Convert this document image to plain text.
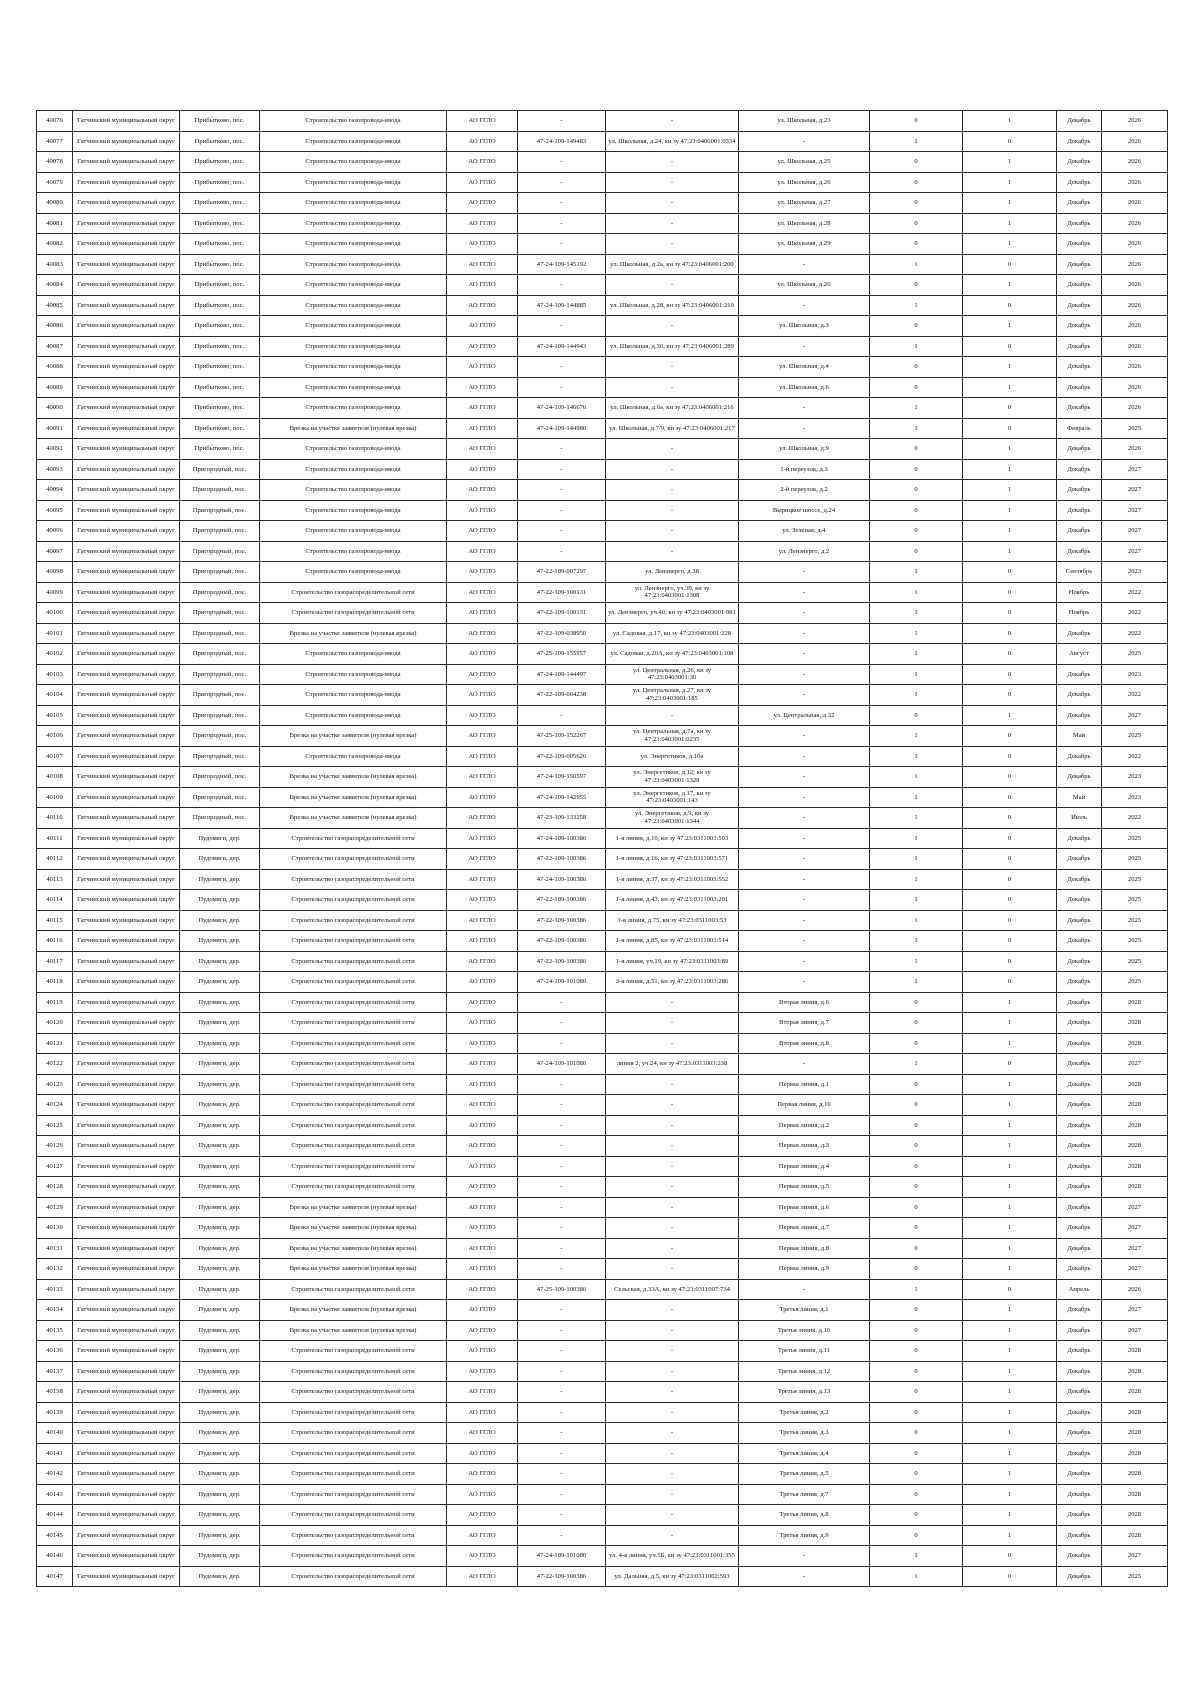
40076	Гатчинский муниципальный округ	Прибытково, пос.	Строительство газопровода-ввода	АО ГГЛО	-	-	ул. Школьная, д.23	0	1	Декабрь	2026
40077	Гатчинский муниципальный округ	Прибытково, пос.	Строительство газопровода-ввода	АО ГГЛО	47-24-109-149483	ул. Школьная, д.24, кн зу 47:23:0406001:0334	-	1	0	Декабрь	2026
40078	Гатчинский муниципальный округ	Прибытково, пос.	Строительство газопровода-ввода	АО ГГЛО	-	-	ул. Школьная, д.25	0	1	Декабрь	2026
40079	Гатчинский муниципальный округ	Прибытково, пос.	Строительство газопровода-ввода	АО ГГЛО	-	-	ул. Школьная, д.26	0	1	Декабрь	2026
40080	Гатчинский муниципальный округ	Прибытково, пос.	Строительство газопровода-ввода	АО ГГЛО	-	-	ул. Школьная, д.27	0	1	Декабрь	2026
40081	Гатчинский муниципальный округ	Прибытково, пос.	Строительство газопровода-ввода	АО ГГЛО	-	-	ул. Школьная, д.28	0	1	Декабрь	2026
40082	Гатчинский муниципальный округ	Прибытково, пос.	Строительство газопровода-ввода	АО ГГЛО	-	-	ул. Школьная, д.29	0	1	Декабрь	2026
40083	Гатчинский муниципальный округ	Прибытково, пос.	Строительство газопровода-ввода	АО ГГЛО	47-24-109-145192	ул. Школьная, д.2а, кн зу 47:23:0406001:200	-	1	0	Декабрь	2026
40084	Гатчинский муниципальный округ	Прибытково, пос.	Строительство газопровода-ввода	АО ГГЛО	-	-	ул. Школьная, д.26	0	1	Декабрь	2026
40085	Гатчинский муниципальный округ	Прибытково, пос.	Строительство газопровода-ввода	АО ГГЛО	47-24-109-144885	ул. Школьная, д.28, кн зу 47:23:0406001:210	-	1	0	Декабрь	2026
40086	Гатчинский муниципальный округ	Прибытково, пос.	Строительство газопровода-ввода	АО ГГЛО	-	-	ул. Школьная, д.3	0	1	Декабрь	2026
40087	Гатчинский муниципальный округ	Прибытково, пос.	Строительство газопровода-ввода	АО ГГЛО	47-24-109-144943	ул. Школьная, д.30, кн зу 47:23:0406001:289	-	1	0	Декабрь	2026
40088	Гатчинский муниципальный округ	Прибытково, пос.	Строительство газопровода-ввода	АО ГГЛО	-	-	ул. Школьная, д.4	0	1	Декабрь	2026
40089	Гатчинский муниципальный округ	Прибытково, пос.	Строительство газопровода-ввода	АО ГГЛО	-	-	ул. Школьная, д.6	0	1	Декабрь	2026
40090	Гатчинский муниципальный округ	Прибытково, пос.	Строительство газопровода-ввода	АО ГГЛО	47-24-109-146676	ул. Школьная, д.6а, кн зу 47:23:0406001:216	-	1	0	Декабрь	2026
40091	Гатчинский муниципальный округ	Прибытково, пос.	Врезка на участке заявителя (нулевая врезка)	АО ГГЛО	47-24-109-144980	ул. Школьная, д.7/9, кн зу 47:23:0406001:217	-	1	0	Февраль	2025
40092	Гатчинский муниципальный округ	Прибытково, пос.	Строительство газопровода-ввода	АО ГГЛО	-	-	ул. Школьная, д.9	0	1	Декабрь	2026
40093	Гатчинский муниципальный округ	Пригородный, пос.	Строительство газопровода-ввода	АО ГГЛО	-	-	1-й переулок, д.3	0	1	Декабрь	2027
40094	Гатчинский муниципальный округ	Пригородный, пос.	Строительство газопровода-ввода	АО ГГЛО	-	-	2-й переулок, д.2	0	1	Декабрь	2027
40095	Гатчинский муниципальный округ	Пригородный, пос.	Строительство газопровода-ввода	АО ГГЛО	-	-	Вырицкое шоссе, д.24	0	1	Декабрь	2027
40096	Гатчинский муниципальный округ	Пригородный, пос.	Строительство газопровода-ввода	АО ГГЛО	-	-	ул. Зеленая, д.4	0	1	Декабрь	2027
40097	Гатчинский муниципальный округ	Пригородный, пос.	Строительство газопровода-ввода	АО ГГЛО	-	-	ул. Ленэнерго, д.2	0	1	Декабрь	2027
40098	Гатчинский муниципальный округ	Пригородный, пос.	Строительство газопровода-ввода	АО ГГЛО	47-22-109-007297	ул. Ленэнерго, д.38	-	1	0	Сентябрь	2023
40099	Гатчинский муниципальный округ	Пригородный, пос.	Строительство газораспределительной сети	АО ГГЛО	47-22-109-100131	ул. Ленэнерго, уч.39, кн зу 47:23:0403001:1308	-	1	0	Ноябрь	2022
40100	Гатчинский муниципальный округ	Пригородный, пос.	Строительство газораспределительной сети	АО ГГЛО	47-22-109-100131	ул. Ленэнерго, уч.40, кн зу 47:23:0403001:981	-	1	0	Ноябрь	2022
40101	Гатчинский муниципальный округ	Пригородный, пос.	Врезка на участке заявителя (нулевая врезка)	АО ГГЛО	47-22-109-038950	ул. Садовая, д.17, кн зу 47:23:0403001:228	-	1	0	Декабрь	2022
40102	Гатчинский муниципальный округ	Пригородный, пос.	Строительство газопровода-ввода	АО ГГЛО	47-25-109-155957	ул. Садовая, д.20А, кн зу 47:23:0403001:108	-	1	0	Август	2025
40103	Гатчинский муниципальный округ	Пригородный, пос.	Строительство газопровода-ввода	АО ГГЛО	47-24-109-144497	ул. Центральная, д.26, кн зу 47:23:0403001:30	-	1	0	Декабрь	2023
40104	Гатчинский муниципальный округ	Пригородный, пос.	Строительство газопровода-ввода	АО ГГЛО	47-22-109-004238	ул. Центральная, д.27, кн зу 47:23:0403001:185	-	1	0	Декабрь	2022
40105	Гатчинский муниципальный округ	Пригородный, пос.	Строительство газопровода-ввода	АО ГГЛО	-	-	ул. Центральная, д.32	0	1	Декабрь	2027
40106	Гатчинский муниципальный округ	Пригородный, пос.	Врезка на участке заявителя (нулевая врезка)	АО ГГЛО	47-25-109-152267	ул. Центральная, д.7а, кн зу 47:23:0403001:0235	-	1	0	Май	2025
40107	Гатчинский муниципальный округ	Пригородный, пос.	Строительство газопровода-ввода	АО ГГЛО	47-22-109-005626	ул. Энергетиков, д.10а	-	1	0	Декабрь	2022
40108	Гатчинский муниципальный округ	Пригородный, пос.	Врезка на участке заявителя (нулевая врезка)	АО ГГЛО	47-24-109-150597	ул. Энергетиков, д.12, кн зу 47:23:0403001:1328	-	1	0	Декабрь	2023
40109	Гатчинский муниципальный округ	Пригородный, пос.	Врезка на участке заявителя (нулевая врезка)	АО ГГЛО	47-24-109-142955	ул. Энергетиков, д.17, кн зу 47:23:0403001:143	-	1	0	Май	2023
40110	Гатчинский муниципальный округ	Пригородный, пос.	Врезка на участке заявителя (нулевая врезка)	АО ГГЛО	47-23-109-133258	ул. Энергетиков, д.9, кн зу 47:23:0403001:1344	-	1	0	Июль	2022
40111	Гатчинский муниципальный округ	Пудомяги, дер.	Строительство газораспределительной сети	АО ГГЛО	47-24-109-100386	1-я линия, д.10, кн зу 47:23:0311003:593	-	1	0	Декабрь	2025
40112	Гатчинский муниципальный округ	Пудомяги, дер.	Строительство газораспределительной сети	АО ГГЛО	47-22-109-100386	1-я линия, д.16, кн зу 47:23:0311003:571	-	1	0	Декабрь	2025
40113	Гатчинский муниципальный округ	Пудомяги, дер.	Строительство газораспределительной сети	АО ГГЛО	47-24-109-100386	1-я линия, д.37, кн зу 47:23:0311003:552	-	1	0	Декабрь	2025
40114	Гатчинский муниципальный округ	Пудомяги, дер.	Строительство газораспределительной сети	АО ГГЛО	47-22-109-100386	1-я линия, д.43, кн зу 47:23:0311003:201	-	1	0	Декабрь	2025
40115	Гатчинский муниципальный округ	Пудомяги, дер.	Строительство газораспределительной сети	АО ГГЛО	47-22-109-100386	1-я линия, д.75, кн зу 47:23:0311003:53	-	1	0	Декабрь	2025
40116	Гатчинский муниципальный округ	Пудомяги, дер.	Строительство газораспределительной сети	АО ГГЛО	47-22-109-100386	1-я линия, д.85, кн зу 47:23:0311003:514	-	1	0	Декабрь	2025
40117	Гатчинский муниципальный округ	Пудомяги, дер.	Строительство газораспределительной сети	АО ГГЛО	47-22-109-100386	1-я линия, уч.19, кн зу 47:23:0311003:89	-	1	0	Декабрь	2025
40118	Гатчинский муниципальный округ	Пудомяги, дер.	Строительство газораспределительной сети	АО ГГЛО	47-24-109-101080	3-я линия, д.51, кн зу 47:23:0311003:286	-	1	0	Декабрь	2025
40119	Гатчинский муниципальный округ	Пудомяги, дер.	Строительство газораспределительной сети	АО ГГЛО	-	-	Вторая линия, д.6	0	1	Декабрь	2028
40120	Гатчинский муниципальный округ	Пудомяги, дер.	Строительство газораспределительной сети	АО ГГЛО	-	-	Вторая линия, д.7	0	1	Декабрь	2028
40121	Гатчинский муниципальный округ	Пудомяги, дер.	Строительство газораспределительной сети	АО ГГЛО	-	-	Вторая линия, д.8	0	1	Декабрь	2028
40122	Гатчинский муниципальный округ	Пудомяги, дер.	Строительство газораспределительной сети	АО ГГЛО	47-24-109-101080	линия 2, уч.24, кн зу 47:23:0311003:238	-	1	0	Декабрь	2027
40123	Гатчинский муниципальный округ	Пудомяги, дер.	Строительство газораспределительной сети	АО ГГЛО	-	-	Первая линия, д.1	0	1	Декабрь	2028
40124	Гатчинский муниципальный округ	Пудомяги, дер.	Строительство газораспределительной сети	АО ГГЛО	-	-	Первая линия, д.10	0	1	Декабрь	2028
40125	Гатчинский муниципальный округ	Пудомяги, дер.	Строительство газораспределительной сети	АО ГГЛО	-	-	Первая линия, д.2	0	1	Декабрь	2028
40126	Гатчинский муниципальный округ	Пудомяги, дер.	Строительство газораспределительной сети	АО ГГЛО	-	-	Первая линия, д.3	0	1	Декабрь	2028
40127	Гатчинский муниципальный округ	Пудомяги, дер.	Строительство газораспределительной сети	АО ГГЛО	-	-	Первая линия, д.4	0	1	Декабрь	2028
40128	Гатчинский муниципальный округ	Пудомяги, дер.	Строительство газораспределительной сети	АО ГГЛО	-	-	Первая линия, д.5	0	1	Декабрь	2028
40129	Гатчинский муниципальный округ	Пудомяги, дер.	Врезка на участке заявителя (нулевая врезка)	АО ГГЛО	-	-	Первая линия, д.6	0	1	Декабрь	2027
40130	Гатчинский муниципальный округ	Пудомяги, дер.	Врезка на участке заявителя (нулевая врезка)	АО ГГЛО	-	-	Первая линия, д.7	0	1	Декабрь	2027
40131	Гатчинский муниципальный округ	Пудомяги, дер.	Врезка на участке заявителя (нулевая врезка)	АО ГГЛО	-	-	Первая линия, д.8	0	1	Декабрь	2027
40132	Гатчинский муниципальный округ	Пудомяги, дер.	Врезка на участке заявителя (нулевая врезка)	АО ГГЛО	-	-	Первая линия, д.9	0	1	Декабрь	2027
40133	Гатчинский муниципальный округ	Пудомяги, дер.	Строительство газораспределительной сети	АО ГГЛО	47-25-109-100386	Сельская, д.33А, кн зу 47:23:0311007:734	-	1	0	Апрель	2026
40134	Гатчинский муниципальный округ	Пудомяги, дер.	Врезка на участке заявителя (нулевая врезка)	АО ГГЛО	-	-	Третья линия, д.1	0	1	Декабрь	2027
40135	Гатчинский муниципальный округ	Пудомяги, дер.	Врезка на участке заявителя (нулевая врезка)	АО ГГЛО	-	-	Третья линия, д.10	0	1	Декабрь	2027
40136	Гатчинский муниципальный округ	Пудомяги, дер.	Строительство газораспределительной сети	АО ГГЛО	-	-	Третья линия, д.11	0	1	Декабрь	2028
40137	Гатчинский муниципальный округ	Пудомяги, дер.	Строительство газораспределительной сети	АО ГГЛО	-	-	Третья линия, д.12	0	1	Декабрь	2028
40138	Гатчинский муниципальный округ	Пудомяги, дер.	Строительство газораспределительной сети	АО ГГЛО	-	-	Третья линия, д.13	0	1	Декабрь	2028
40139	Гатчинский муниципальный округ	Пудомяги, дер.	Строительство газораспределительной сети	АО ГГЛО	-	-	Третья линия, д.2	0	1	Декабрь	2028
40140	Гатчинский муниципальный округ	Пудомяги, дер.	Строительство газораспределительной сети	АО ГГЛО	-	-	Третья линия, д.3	0	1	Декабрь	2028
40141	Гатчинский муниципальный округ	Пудомяги, дер.	Строительство газораспределительной сети	АО ГГЛО	-	-	Третья линия, д.4	0	1	Декабрь	2028
40142	Гатчинский муниципальный округ	Пудомяги, дер.	Строительство газораспределительной сети	АО ГГЛО	-	-	Третья линия, д.5	0	1	Декабрь	2028
40143	Гатчинский муниципальный округ	Пудомяги, дер.	Строительство газораспределительной сети	АО ГГЛО	-	-	Третья линия, д.7	0	1	Декабрь	2028
40144	Гатчинский муниципальный округ	Пудомяги, дер.	Строительство газораспределительной сети	АО ГГЛО	-	-	Третья линия, д.8	0	1	Декабрь	2028
40145	Гатчинский муниципальный округ	Пудомяги, дер.	Строительство газораспределительной сети	АО ГГЛО	-	-	Третья линия, д.9	0	1	Декабрь	2028
40146	Гатчинский муниципальный округ	Пудомяги, дер.	Строительство газораспределительной сети	АО ГГЛО	47-24-109-101080	ул. 4-я линия, уч.5Б, кн зу 47:23:0311001:355	-	1	0	Декабрь	2027
40147	Гатчинский муниципальный округ	Пудомяги, дер.	Строительство газораспределительной сети	АО ГГЛО	47-22-109-100386	ул. Дальняя, д.5, кн зу 47:23:0311002:593	-	1	0	Декабрь	2025
